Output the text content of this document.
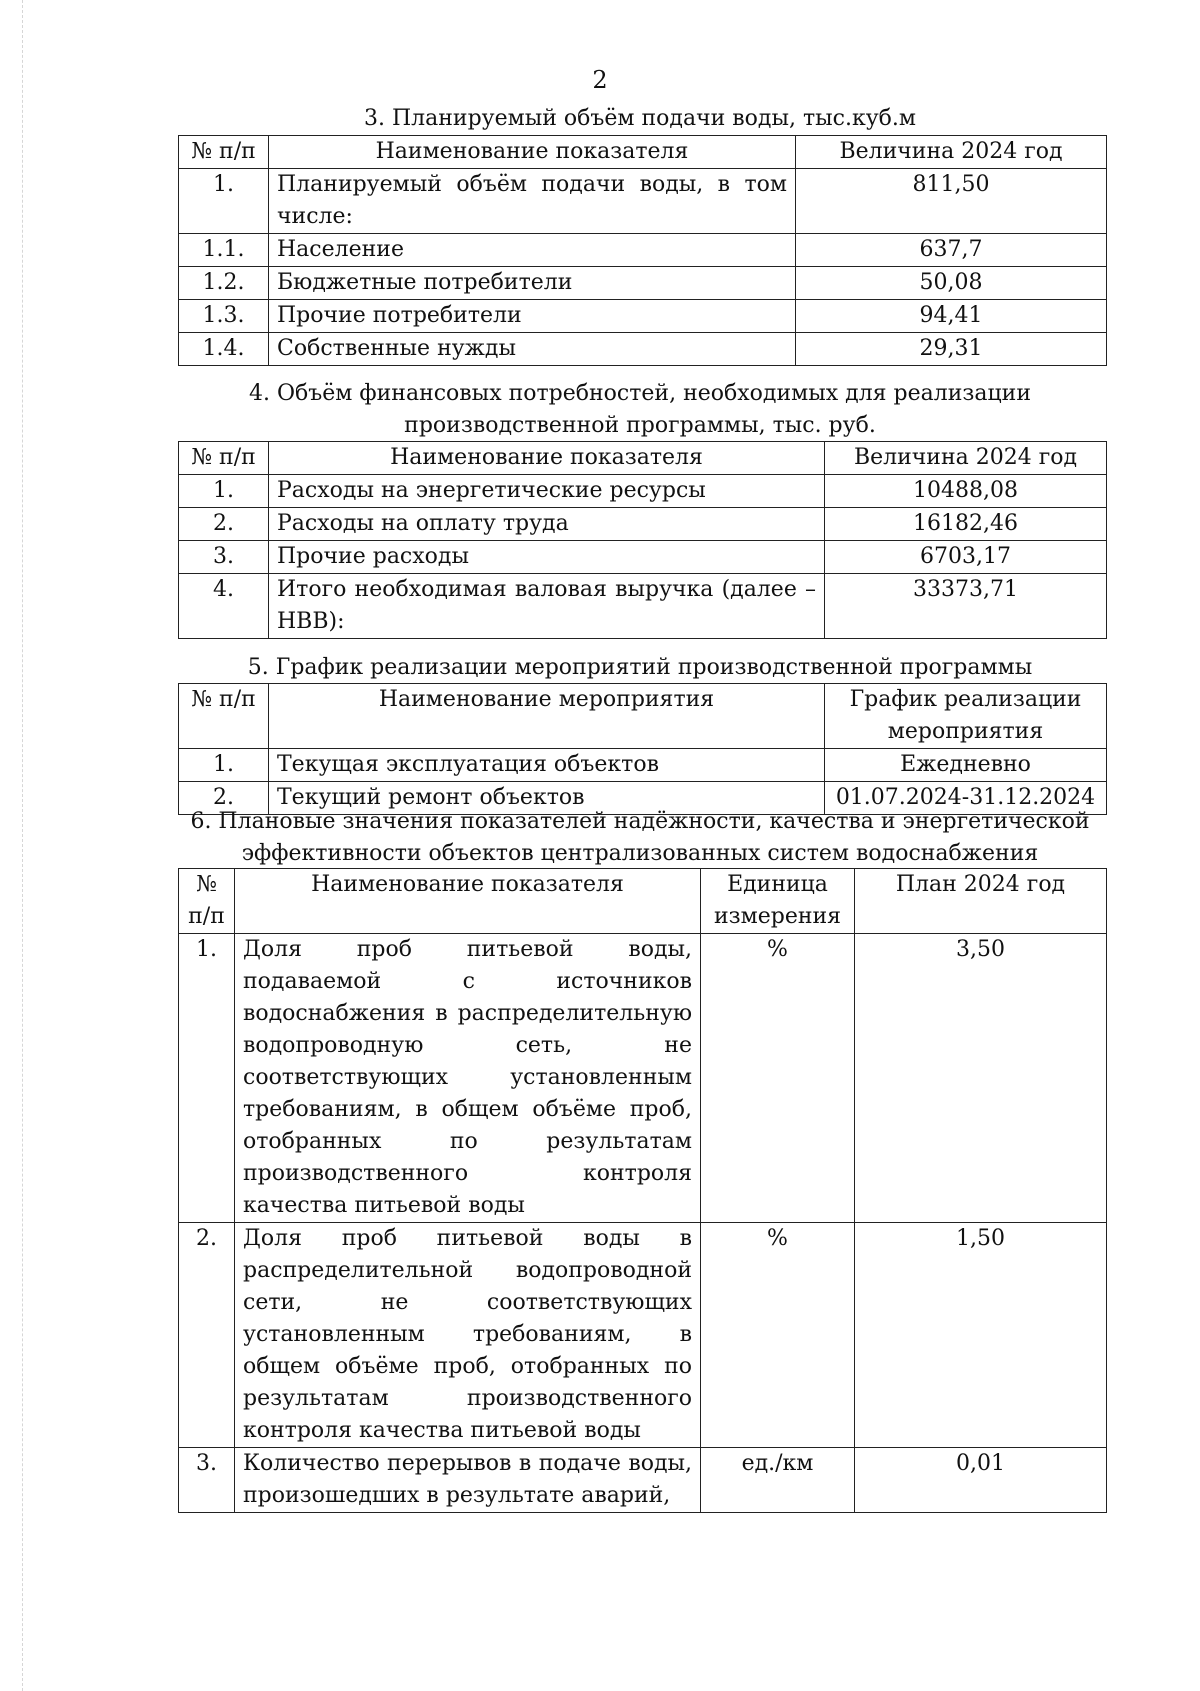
2
3. Планируемый объём подачи воды, тыс.куб.м
№ п/п	Наименование показателя	Величина 2024 год
1.	Планируемый объём подачи воды, в том числе:	811,50
1.1.	Население	637,7
1.2.	Бюджетные потребители	50,08
1.3.	Прочие потребители	94,41
1.4.	Собственные нужды	29,31
4. Объём финансовых потребностей, необходимых для реализации производственной программы, тыс. руб.
№ п/п	Наименование показателя	Величина 2024 год
1.	Расходы на энергетические ресурсы	10488,08
2.	Расходы на оплату труда	16182,46
3.	Прочие расходы	6703,17
4.	Итого необходимая валовая выручка (далее – НВВ):	33373,71
5. График реализации мероприятий производственной программы
№ п/п	Наименование мероприятия	График реализации мероприятия
1.	Текущая эксплуатация объектов	Ежедневно
2.	Текущий ремонт объектов	01.07.2024-31.12.2024
6. Плановые значения показателей надёжности, качества и энергетической эффективности объектов централизованных систем водоснабжения
№ п/п	Наименование показателя	Единица измерения	План 2024 год
1.	Доля проб питьевой воды, подаваемой с источников водоснабжения в распределительную водопроводную сеть, не соответствующих установленным требованиям, в общем объёме проб, отобранных по результатам производственного контроля качества питьевой воды	%	3,50
2.	Доля проб питьевой воды в распределительной водопроводной сети, не соответствующих установленным требованиям, в общем объёме проб, отобранных по результатам производственного контроля качества питьевой воды	%	1,50
3.	Количество перерывов в подаче воды, произошедших в результате аварий,	ед./км	0,01
